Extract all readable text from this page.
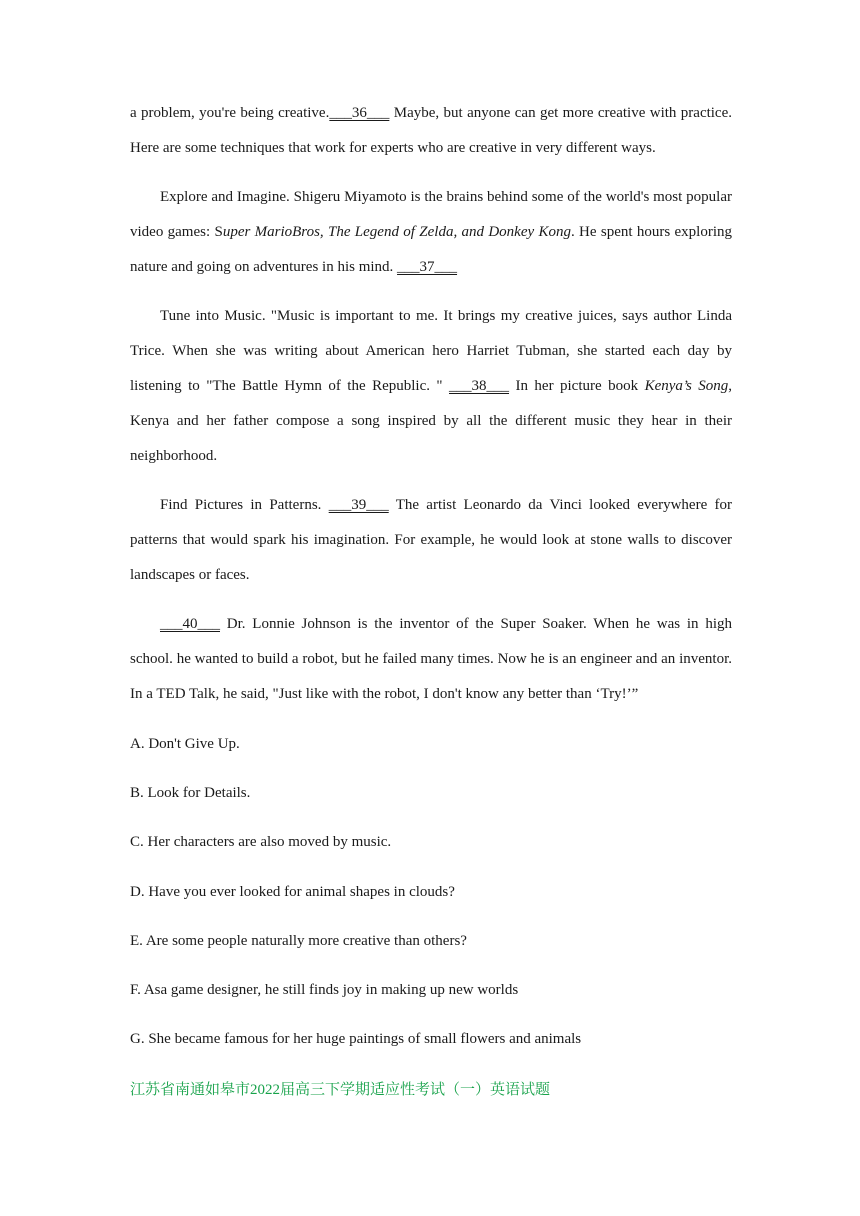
a problem, you're being creative.___36___ Maybe, but anyone can get more creative with practice. Here are some techniques that work for experts who are creative in very different ways.

Explore and Imagine. Shigeru Miyamoto is the brains behind some of the world's most popular video games: Super MarioBros, The Legend of Zelda, and Donkey Kong. He spent hours exploring nature and going on adventures in his mind. ___37___

Tune into Music. "Music is important to me. It brings my creative juices, says author Linda Trice. When she was writing about American hero Harriet Tubman, she started each day by listening to "The Battle Hymn of the Republic. " ___38___ In her picture book Kenya’s Song, Kenya and her father compose a song inspired by all the different music they hear in their neighborhood.

Find Pictures in Patterns. ___39___ The artist Leonardo da Vinci looked everywhere for patterns that would spark his imagination. For example, he would look at stone walls to discover landscapes or faces.

___40___ Dr. Lonnie Johnson is the inventor of the Super Soaker. When he was in high school. he wanted to build a robot, but he failed many times. Now he is an engineer and an inventor. In a TED Talk, he said, "Just like with the robot, I don't know any better than ‘Try!’”

A. Don't Give Up.

B. Look for Details.

C. Her characters are also moved by music.

D. Have you ever looked for animal shapes in clouds?

E. Are some people naturally more creative than others?

F. Asa game designer, he still finds joy in making up new worlds

G. She became famous for her huge paintings of small flowers and animals

江苏省南通如皋市2022届高三下学期适应性考试（一）英语试题
